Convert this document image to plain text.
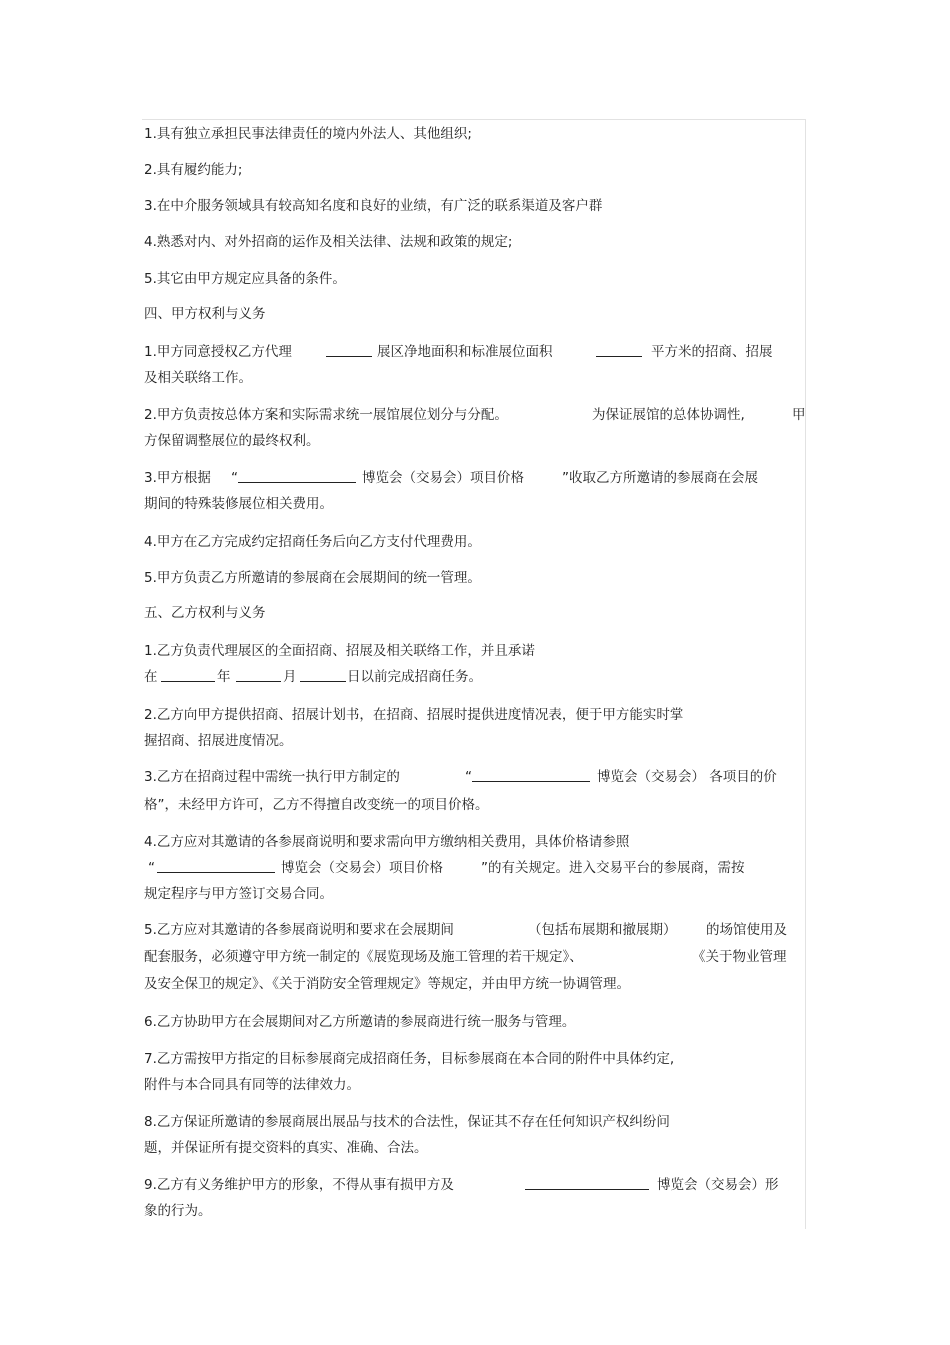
1.具有独立承担民事法律责任的境内外法人、其他组织;
2.具有履约能力;
3.在中介服务领域具有较高知名度和良好的业绩，有广泛的联系渠道及客户群
4.熟悉对内、对外招商的运作及相关法律、法规和政策的规定;
5.其它由甲方规定应具备的条件。
四、甲方权利与义务
1.甲方同意授权乙方代理	展区净地面积和标准展位面积	平方米的招商、招展
及相关联络工作。
2.甲方负责按总体方案和实际需求统一展馆展位划分与分配。	为保证展馆的总体协调性,	甲
方保留调整展位的最终权利。
3.甲方根据 “	博览会（交易会）项目价格	”收取乙方所邀请的参展商在会展
期间的特殊装修展位相关费用。
4.甲方在乙方完成约定招商任务后向乙方支付代理费用。
5.甲方负责乙方所邀请的参展商在会展期间的统一管理。
五、乙方权利与义务
1.乙方负责代理展区的全面招商、招展及相关联络工作，并且承诺
在	年	月	日以前完成招商任务。
2.乙方向甲方提供招商、招展计划书，在招商、招展时提供进度情况表，便于甲方能实时掌
握招商、招展进度情况。
3.乙方在招商过程中需统一执行甲方制定的	“	博览会（交易会） 各项目的价
格”，未经甲方许可，乙方不得擅自改变统一的项目价格。
4.乙方应对其邀请的各参展商说明和要求需向甲方缴纳相关费用，具体价格请参照
“	博览会（交易会）项目价格	”的有关规定。进入交易平台的参展商，需按
规定程序与甲方签订交易合同。
5.乙方应对其邀请的各参展商说明和要求在会展期间	（包括布展期和撤展期） 的场馆使用及
配套服务，必须遵守甲方统一制定的《展览现场及施工管理的若干规定》、	《关于物业管理
及安全保卫的规定》、《关于消防安全管理规定》等规定，并由甲方统一协调管理。
6.乙方协助甲方在会展期间对乙方所邀请的参展商进行统一服务与管理。
7.乙方需按甲方指定的目标参展商完成招商任务，目标参展商在本合同的附件中具体约定,
附件与本合同具有同等的法律效力。
8.乙方保证所邀请的参展商展出展品与技术的合法性，保证其不存在任何知识产权纠纷问
题，并保证所有提交资料的真实、准确、合法。
9.乙方有义务维护甲方的形象，不得从事有损甲方及	博览会（交易会）形
象的行为。
